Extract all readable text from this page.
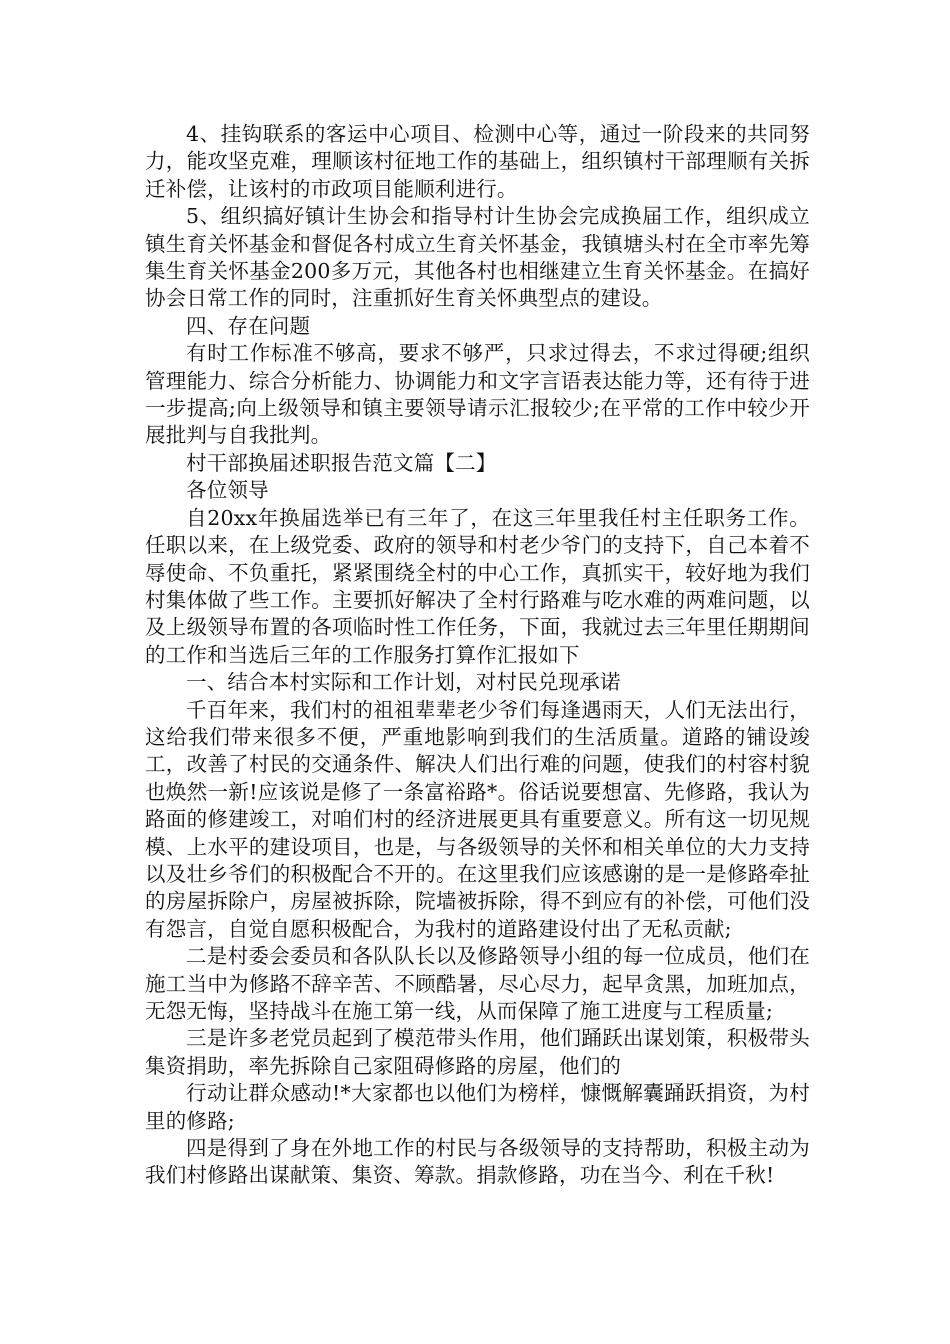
4、挂钩联系的客运中心项目、检测中心等，通过一阶段来的共同努力，能攻坚克难，理顺该村征地工作的基础上，组织镇村干部理顺有关拆迁补偿，让该村的市政项目能顺利进行。

5、组织搞好镇计生协会和指导村计生协会完成换届工作，组织成立镇生育关怀基金和督促各村成立生育关怀基金，我镇塘头村在全市率先筹集生育关怀基金200多万元，其他各村也相继建立生育关怀基金。在搞好协会日常工作的同时，注重抓好生育关怀典型点的建设。

四、存在问题

有时工作标准不够高，要求不够严，只求过得去，不求过得硬;组织管理能力、综合分析能力、协调能力和文字言语表达能力等，还有待于进一步提高;向上级领导和镇主要领导请示汇报较少;在平常的工作中较少开展批判与自我批判。

村干部换届述职报告范文篇【二】

各位领导

自20xx年换届选举已有三年了，在这三年里我任村主任职务工作。任职以来，在上级党委、政府的领导和村老少爷门的支持下，自己本着不辱使命、不负重托，紧紧围绕全村的中心工作，真抓实干，较好地为我们村集体做了些工作。主要抓好解决了全村行路难与吃水难的两难问题，以及上级领导布置的各项临时性工作任务，下面，我就过去三年里任期期间的工作和当选后三年的工作服务打算作汇报如下

一、结合本村实际和工作计划，对村民兑现承诺

千百年来，我们村的祖祖辈辈老少爷们每逢遇雨天，人们无法出行，这给我们带来很多不便，严重地影响到我们的生活质量。道路的铺设竣工，改善了村民的交通条件、解决人们出行难的问题，使我们的村容村貌也焕然一新!应该说是修了一条富裕路*。俗话说要想富、先修路，我认为路面的修建竣工，对咱们村的经济进展更具有重要意义。所有这一切见规模、上水平的建设项目，也是，与各级领导的关怀和相关单位的大力支持以及壮乡爷们的积极配合不开的。在这里我们应该感谢的是一是修路牵扯的房屋拆除户，房屋被拆除，院墙被拆除，得不到应有的补偿，可他们没有怨言，自觉自愿积极配合，为我村的道路建设付出了无私贡献;

二是村委会委员和各队队长以及修路领导小组的每一位成员，他们在施工当中为修路不辞辛苦、不顾酷暑，尽心尽力，起早贪黑，加班加点，无怨无悔，坚持战斗在施工第一线，从而保障了施工进度与工程质量;

三是许多老党员起到了模范带头作用，他们踊跃出谋划策，积极带头集资捐助，率先拆除自己家阻碍修路的房屋，他们的

行动让群众感动!*大家都也以他们为榜样，慷慨解囊踊跃捐资，为村里的修路;

四是得到了身在外地工作的村民与各级领导的支持帮助，积极主动为我们村修路出谋献策、集资、筹款。捐款修路，功在当今、利在千秋!
